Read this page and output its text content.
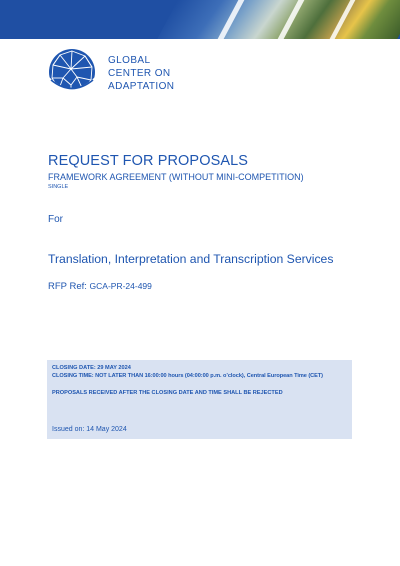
GLOBAL
CENTER ON
ADAPTATION
REQUEST FOR PROPOSALS
FRAMEWORK AGREEMENT (WITHOUT MINI-COMPETITION)
SINGLE
For
Translation, Interpretation and Transcription Services
RFP Ref: GCA-PR-24-499
CLOSING DATE: 29 MAY 2024
CLOSING TIME: NOT LATER THAN 16:00:00 hours (04:00:00 p.m. o’clock), Central European Time (CET)
PROPOSALS RECEIVED AFTER THE CLOSING DATE AND TIME SHALL BE REJECTED
Issued on: 14 May 2024
